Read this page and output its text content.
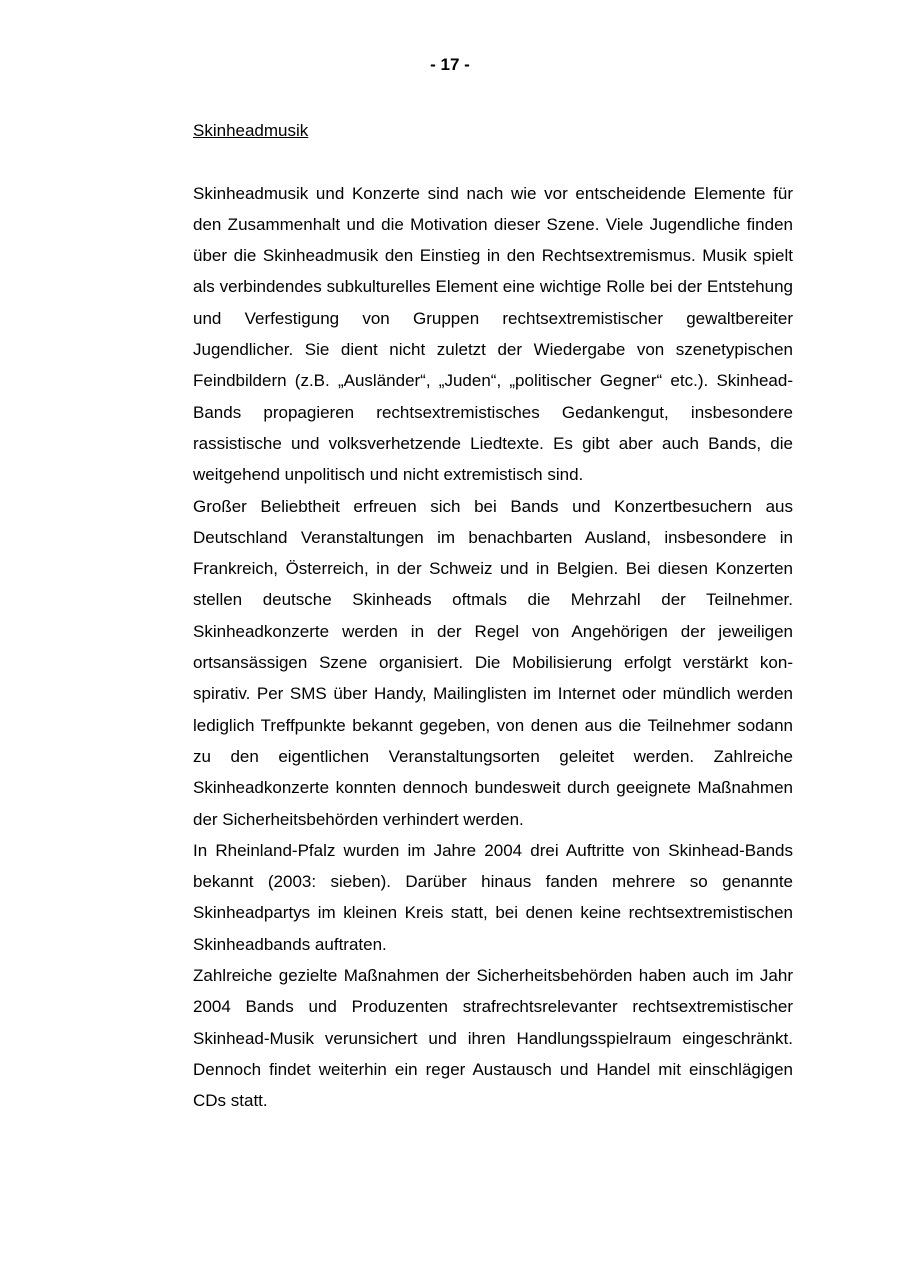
- 17 -
Skinheadmusik

Skinheadmusik und Konzerte sind nach wie vor entscheidende Elemente für den Zusammenhalt und die Motivation dieser Szene. Viele Jugendliche finden über die Skinheadmusik den Einstieg in den Rechtsextremismus. Musik spielt als verbindendes subkulturelles Element eine wichtige Rolle bei der Entstehung und Verfestigung von Gruppen rechtsextremistischer gewaltbereiter Jugendlicher. Sie dient nicht zuletzt der Wiedergabe von szenetypischen Feindbildern (z.B. „Ausländer“, „Juden“, „politischer Gegner“ etc.). Skinhead-Bands propagieren rechtsextremistisches Gedankengut, insbesondere rassistische und volksverhetzende Liedtexte. Es gibt aber auch Bands, die weitgehend unpolitisch und nicht extremistisch sind.

Großer Beliebtheit erfreuen sich bei Bands und Konzertbesuchern aus Deutschland Veranstaltungen im benachbarten Ausland, insbesondere in Frankreich, Österreich, in der Schweiz und in Belgien. Bei diesen Konzerten stellen deutsche Skinheads oftmals die Mehrzahl der Teilnehmer. Skinheadkonzerte werden in der Regel von Angehörigen der jeweiligen ortsansässigen Szene organisiert. Die Mobilisierung erfolgt verstärkt konspirativ. Per SMS über Handy, Mailinglisten im Internet oder mündlich werden lediglich Treffpunkte bekannt gegeben, von denen aus die Teilnehmer sodann zu den eigentlichen Veranstaltungsorten geleitet werden. Zahlreiche Skinheadkonzerte konnten dennoch bundesweit durch geeignete Maßnahmen der Sicherheitsbehörden verhindert werden.

In Rheinland-Pfalz wurden im Jahre 2004 drei Auftritte von Skinhead-Bands bekannt (2003: sieben). Darüber hinaus fanden mehrere so genannte Skinheadpartys im kleinen Kreis statt, bei denen keine rechtsextremistischen Skinheadbands auftraten.

Zahlreiche gezielte Maßnahmen der Sicherheitsbehörden haben auch im Jahr 2004 Bands und Produzenten strafrechtsrelevanter rechtsextremistischer Skinhead-Musik verunsichert und ihren Handlungsspielraum eingeschränkt. Dennoch findet weiterhin ein reger Austausch und Handel mit einschlägigen CDs statt.
